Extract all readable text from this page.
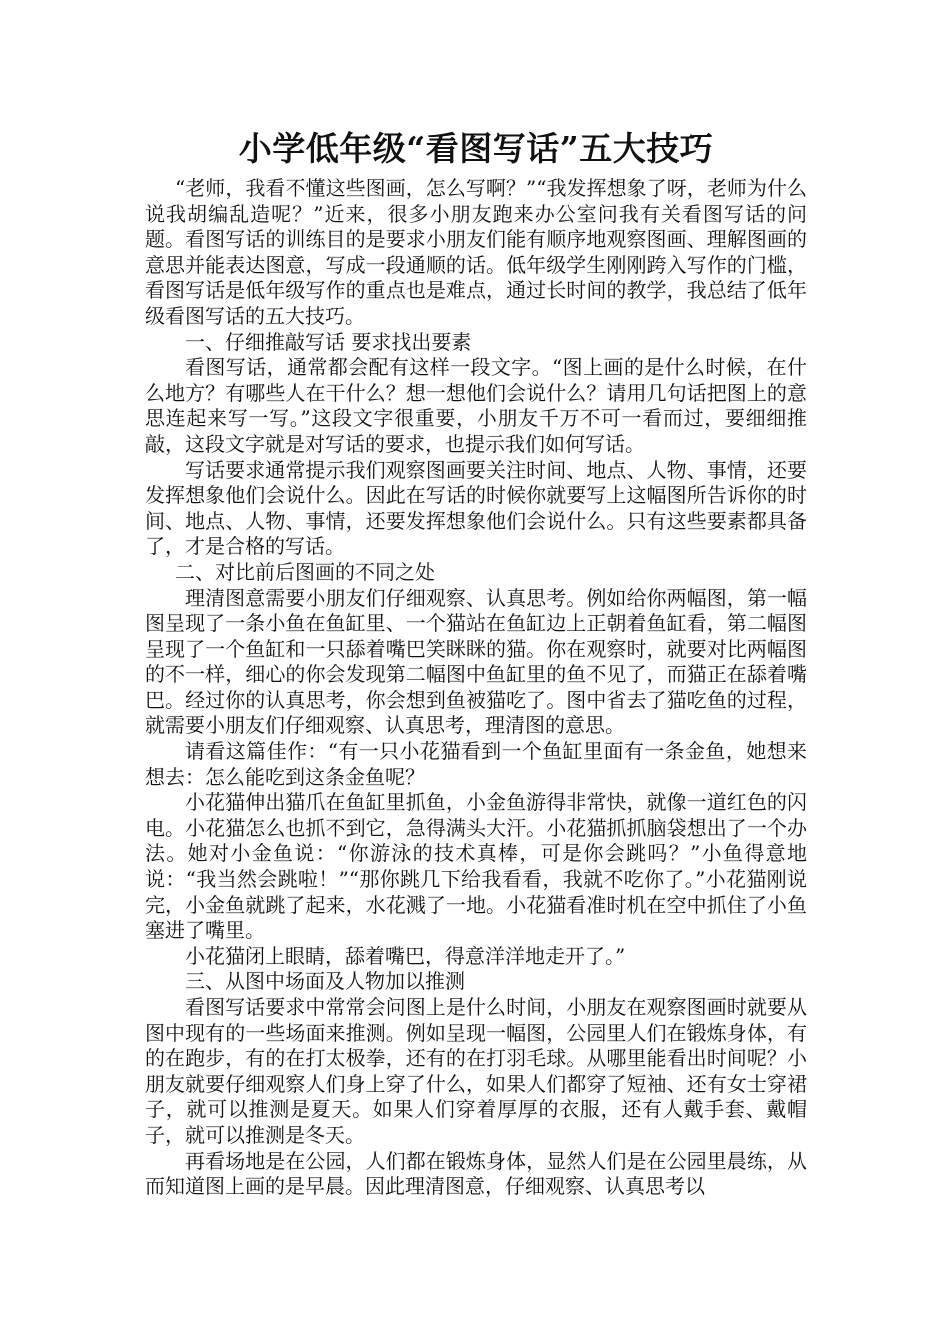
小学低年级“看图写话”五大技巧

“老师，我看不懂这些图画，怎么写啊？”“我发挥想象了呀，老师为什么说我胡编乱造呢？”近来，很多小朋友跑来办公室问我有关看图写话的问题。看图写话的训练目的是要求小朋友们能有顺序地观察图画、理解图画的意思并能表达图意，写成一段通顺的话。低年级学生刚刚跨入写作的门槛，看图写话是低年级写作的重点也是难点，通过长时间的教学，我总结了低年级看图写话的五大技巧。

一、仔细推敲写话 要求找出要素

看图写话，通常都会配有这样一段文字。“图上画的是什么时候，在什么地方？有哪些人在干什么？想一想他们会说什么？请用几句话把图上的意思连起来写一写。”这段文字很重要，小朋友千万不可一看而过，要细细推敲，这段文字就是对写话的要求，也提示我们如何写话。

写话要求通常提示我们观察图画要关注时间、地点、人物、事情，还要发挥想象他们会说什么。因此在写话的时候你就要写上这幅图所告诉你的时间、地点、人物、事情，还要发挥想象他们会说什么。只有这些要素都具备了，才是合格的写话。

二、对比前后图画的不同之处

理清图意需要小朋友们仔细观察、认真思考。例如给你两幅图，第一幅图呈现了一条小鱼在鱼缸里、一个猫站在鱼缸边上正朝着鱼缸看，第二幅图呈现了一个鱼缸和一只舔着嘴巴笑眯眯的猫。你在观察时，就要对比两幅图的不一样，细心的你会发现第二幅图中鱼缸里的鱼不见了，而猫正在舔着嘴巴。经过你的认真思考，你会想到鱼被猫吃了。图中省去了猫吃鱼的过程，就需要小朋友们仔细观察、认真思考，理清图的意思。

请看这篇佳作：“有一只小花猫看到一个鱼缸里面有一条金鱼，她想来想去：怎么能吃到这条金鱼呢？

小花猫伸出猫爪在鱼缸里抓鱼，小金鱼游得非常快，就像一道红色的闪电。小花猫怎么也抓不到它，急得满头大汗。小花猫抓抓脑袋想出了一个办法。她对小金鱼说：“你游泳的技术真棒，可是你会跳吗？”小鱼得意地说：“我当然会跳啦！”“那你跳几下给我看看，我就不吃你了。”小花猫刚说完，小金鱼就跳了起来，水花溅了一地。小花猫看准时机在空中抓住了小鱼塞进了嘴里。

小花猫闭上眼睛，舔着嘴巴，得意洋洋地走开了。”

三、从图中场面及人物加以推测

看图写话要求中常常会问图上是什么时间，小朋友在观察图画时就要从图中现有的一些场面来推测。例如呈现一幅图，公园里人们在锻炼身体，有的在跑步，有的在打太极拳，还有的在打羽毛球。从哪里能看出时间呢？小朋友就要仔细观察人们身上穿了什么，如果人们都穿了短袖、还有女士穿裙子，就可以推测是夏天。如果人们穿着厚厚的衣服，还有人戴手套、戴帽子，就可以推测是冬天。

再看场地是在公园，人们都在锻炼身体，显然人们是在公园里晨练，从而知道图上画的是早晨。因此理清图意，仔细观察、认真思考以
